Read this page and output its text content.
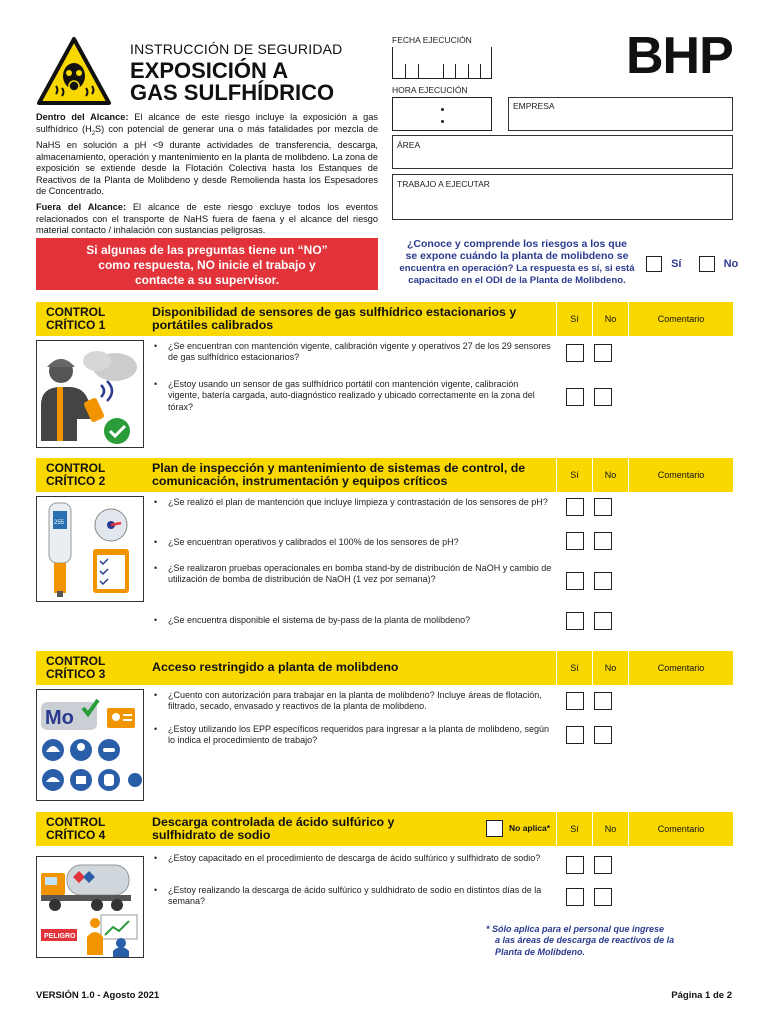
INSTRUCCIÓN DE SEGURIDAD
EXPOSICIÓN A
GAS SULFHÍDRICO
BHP
Dentro del Alcance: El alcance de este riesgo incluye la exposición a gas sulfhídrico $(H_2S)$ con potencial de generar una o más fatalidades por mezcla de NaHS en solución a pH <9 durante actividades de transferencia, descarga, almacenamiento, operación y mantenimiento en la planta de molibdeno. La zona de exposición se extiende desde la Flotación Colectiva hasta los Estanques de Reactivos de la Planta de Molibdeno y desde Remolienda hasta los Espesadores de Concentrado.
Fuera del Alcance: El alcance de este riesgo excluye todos los eventos relacionados con el transporte de NaHS fuera de faena y el alcance del riesgo material contacto / inhalación con sustancias peligrosas.
FECHA EJECUCIÓN
HORA EJECUCIÓN
EMPRESA
ÁREA
TRABAJO A EJECUTAR
Si algunas de las preguntas tiene un “NO”
como respuesta, NO inicie el trabajo y
contacte a su supervisor.
¿Conoce y comprende los riesgos a los que
se expone cuándo la planta de molibdeno se
encuentra en operación? La respuesta es sí, si está
capacitado en el ODI de la Planta de Molibdeno.
Sí	No
CONTROL
CRÍTICO 1
Disponibilidad de sensores de gas sulfhídrico estacionarios y portátiles calibrados	Sí	No	Comentario
• ¿Se encuentran con mantención vigente, calibración vigente y operativos 27 de los 29 sensores de gas sulfhídrico estacionarios?
• ¿Estoy usando un sensor de gas sulfhídrico portátil con mantención vigente, calibración vigente, batería cargada, auto-diagnóstico realizado y ubicado correctamente en la zona del tórax?
CONTROL
CRÍTICO 2
Plan de inspección y mantenimiento de sistemas de control, de comunicación, instrumentación y equipos críticos	Sí	No	Comentario
255
• ¿Se realizó el plan de mantención que incluye limpieza y contrastación de los sensores de pH?
• ¿Se encuentran operativos y calibrados el 100% de los sensores de pH?
• ¿Se realizaron pruebas operacionales en bomba stand-by de distribución de NaOH y cambio de utilización de bomba de distribución de NaOH (1 vez por semana)?
• ¿Se encuentra disponible el sistema de by-pass de la planta de molibdeno?
CONTROL
CRÍTICO 3	Acceso restringido a planta de molibdeno	Sí	No	Comentario
Mo
• ¿Cuento con autorización para trabajar en la planta de molibdeno? Incluye áreas de flotación, filtrado, secado, envasado y reactivos de la planta de molibdeno.
• ¿Estoy utilizando los EPP específicos requeridos para ingresar a la planta de molibdeno, según lo indica el procedimiento de trabajo?
CONTROL
CRÍTICO 4
Descarga controlada de ácido sulfúrico y sulfhidrato de sodio	Sí	No	Comentario
No aplica*
PELIGRO
• ¿Estoy capacitado en el procedimiento de descarga de ácido sulfúrico y sulfhidrato de sodio?
• ¿Estoy realizando la descarga de ácido sulfúrico y suldhidrato de sodio en distintos días de la semana?
* Sólo aplica para el personal que ingrese
a las áreas de descarga de reactivos de la
Planta de Molibdeno.
VERSIÓN 1.0 - Agosto 2021	Página 1 de 2
